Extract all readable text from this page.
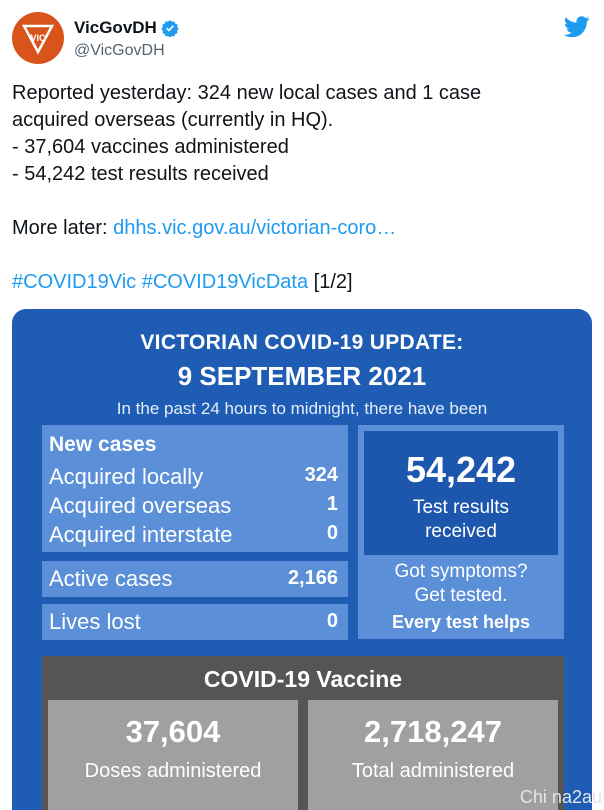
VIC
VicGovDH
@VicGovDH

Reported yesterday: 324 new local cases and 1 case

acquired overseas (currently in HQ).

- 37,604 vaccines administered

- 54,242 test results received

More later: dhhs.vic.gov.au/victorian-coro…

#COVID19Vic #COVID19VicData [1/2]

VICTORIAN COVID-19 UPDATE:
9 SEPTEMBER 2021
In the past 24 hours to midnight, there have been
New cases
Acquired locally	324
Acquired overseas	1
Acquired interstate	0
Active cases	2,166
Lives lost	0
54,242
Test results
received
Got symptoms?
Get tested.
Every test helps
COVID-19 Vaccine
37,604
Doses administered
2,718,247
Total administered
Chi na2au
